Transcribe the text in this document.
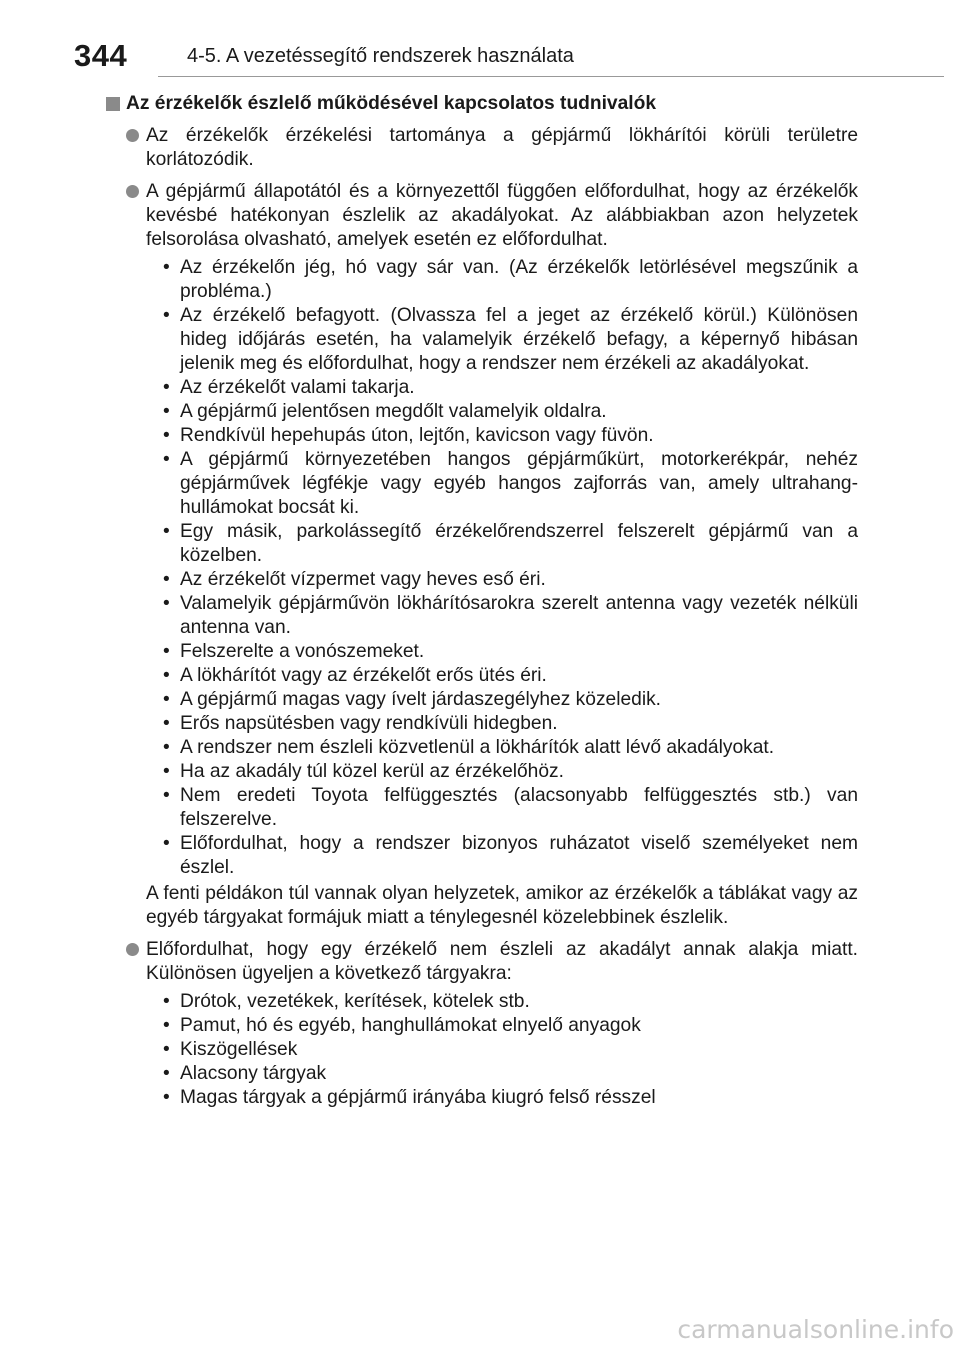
344	4-5. A vezetéssegítő rendszerek használata
Az érzékelők észlelő működésével kapcsolatos tudnivalók
Az érzékelők érzékelési tartománya a gépjármű lökhárítói körüli területre korlátozódik.
A gépjármű állapotától és a környezettől függően előfordulhat, hogy az érzékelők kevésbé hatékonyan észlelik az akadályokat. Az alábbiakban azon helyzetek felsorolása olvasható, amelyek esetén ez előfordulhat.
• Az érzékelőn jég, hó vagy sár van. (Az érzékelők letörlésével megszűnik a probléma.)
• Az érzékelő befagyott. (Olvassza fel a jeget az érzékelő körül.) Különösen hideg időjárás esetén, ha valamelyik érzékelő befagy, a képernyő hibásan jelenik meg és előfordulhat, hogy a rendszer nem érzékeli az akadályokat.
• Az érzékelőt valami takarja.
• A gépjármű jelentősen megdőlt valamelyik oldalra.
• Rendkívül hepehupás úton, lejtőn, kavicson vagy füvön.
• A gépjármű környezetében hangos gépjárműkürt, motorkerékpár, nehéz gépjárművek légfékje vagy egyéb hangos zajforrás van, amely ultrahanghullámokat bocsát ki.
• Egy másik, parkolássegítő érzékelőrendszerrel felszerelt gépjármű van a közelben.
• Az érzékelőt vízpermet vagy heves eső éri.
• Valamelyik gépjárművön lökhárítósarokra szerelt antenna vagy vezeték nélküli antenna van.
• Felszerelte a vonószemeket.
• A lökhárítót vagy az érzékelőt erős ütés éri.
• A gépjármű magas vagy ívelt járdaszegélyhez közeledik.
• Erős napsütésben vagy rendkívüli hidegben.
• A rendszer nem észleli közvetlenül a lökhárítók alatt lévő akadályokat.
• Ha az akadály túl közel kerül az érzékelőhöz.
• Nem eredeti Toyota felfüggesztés (alacsonyabb felfüggesztés stb.) van felszerelve.
• Előfordulhat, hogy a rendszer bizonyos ruházatot viselő személyeket nem észlel.
A fenti példákon túl vannak olyan helyzetek, amikor az érzékelők a táblákat vagy az egyéb tárgyakat formájuk miatt a ténylegesnél közelebbinek észlelik.
Előfordulhat, hogy egy érzékelő nem észleli az akadályt annak alakja miatt. Különösen ügyeljen a következő tárgyakra:
• Drótok, vezetékek, kerítések, kötelek stb.
• Pamut, hó és egyéb, hanghullámokat elnyelő anyagok
• Kiszögellések
• Alacsony tárgyak
• Magas tárgyak a gépjármű irányába kiugró felső résszel
carmanualsonline.info
